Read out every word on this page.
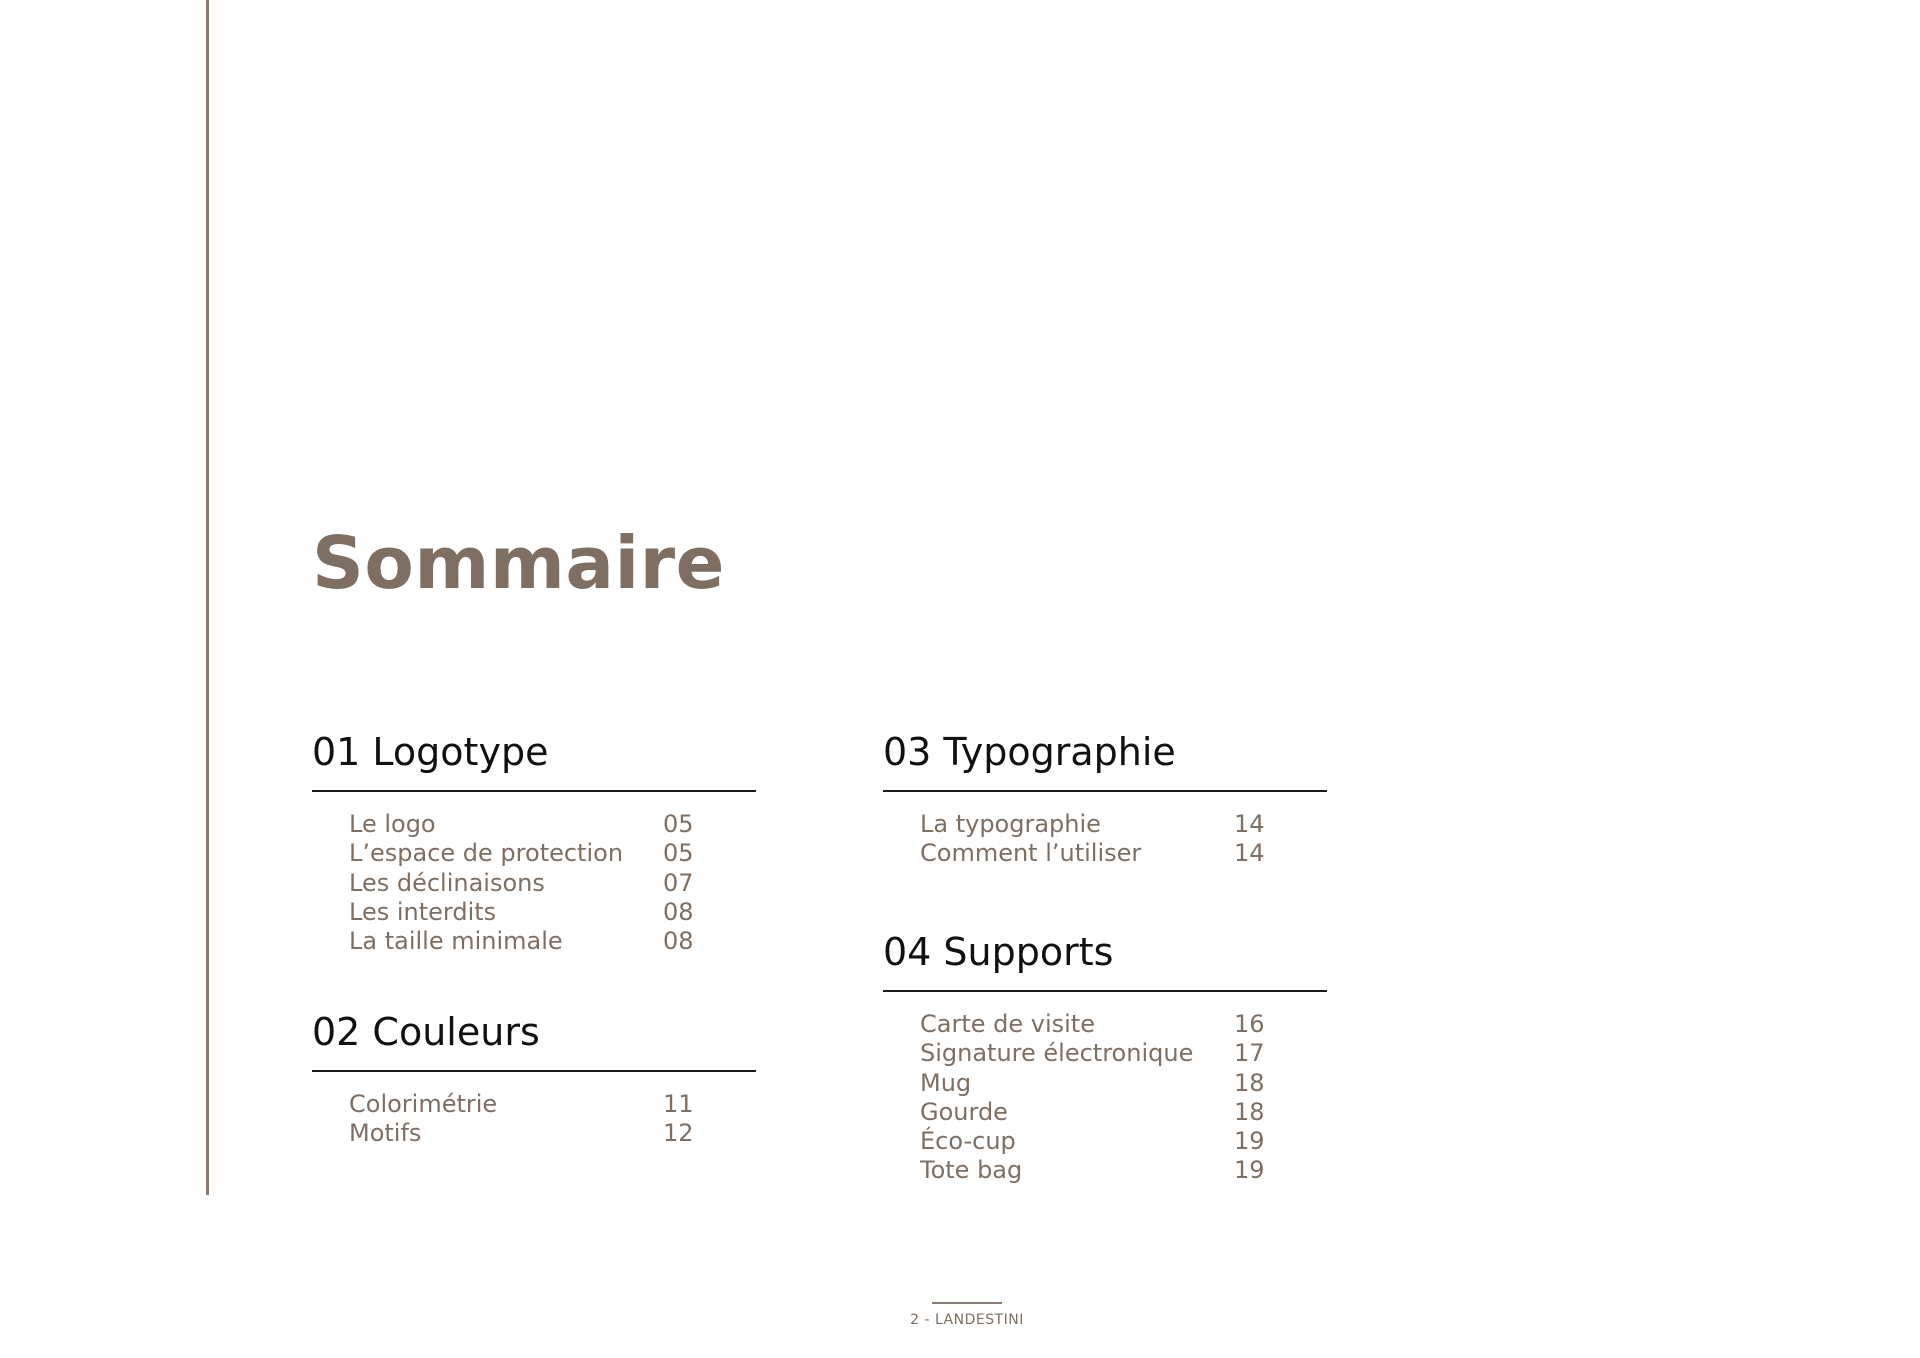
Sommaire
01 Logotype
Le logo	05
L’espace de protection 05
Les déclinaisons	07
Les interdits	08
La taille minimale	08
02 Couleurs
Colorimétrie	11
Motifs	12
03 Typographie
La typographie	14
Comment l’utiliser	14
04 Supports
Carte de visite	16
Signature électronique 17
Mug	18
Gourde	18
Éco-cup	19
Tote bag	19
2 - LANDESTINI
